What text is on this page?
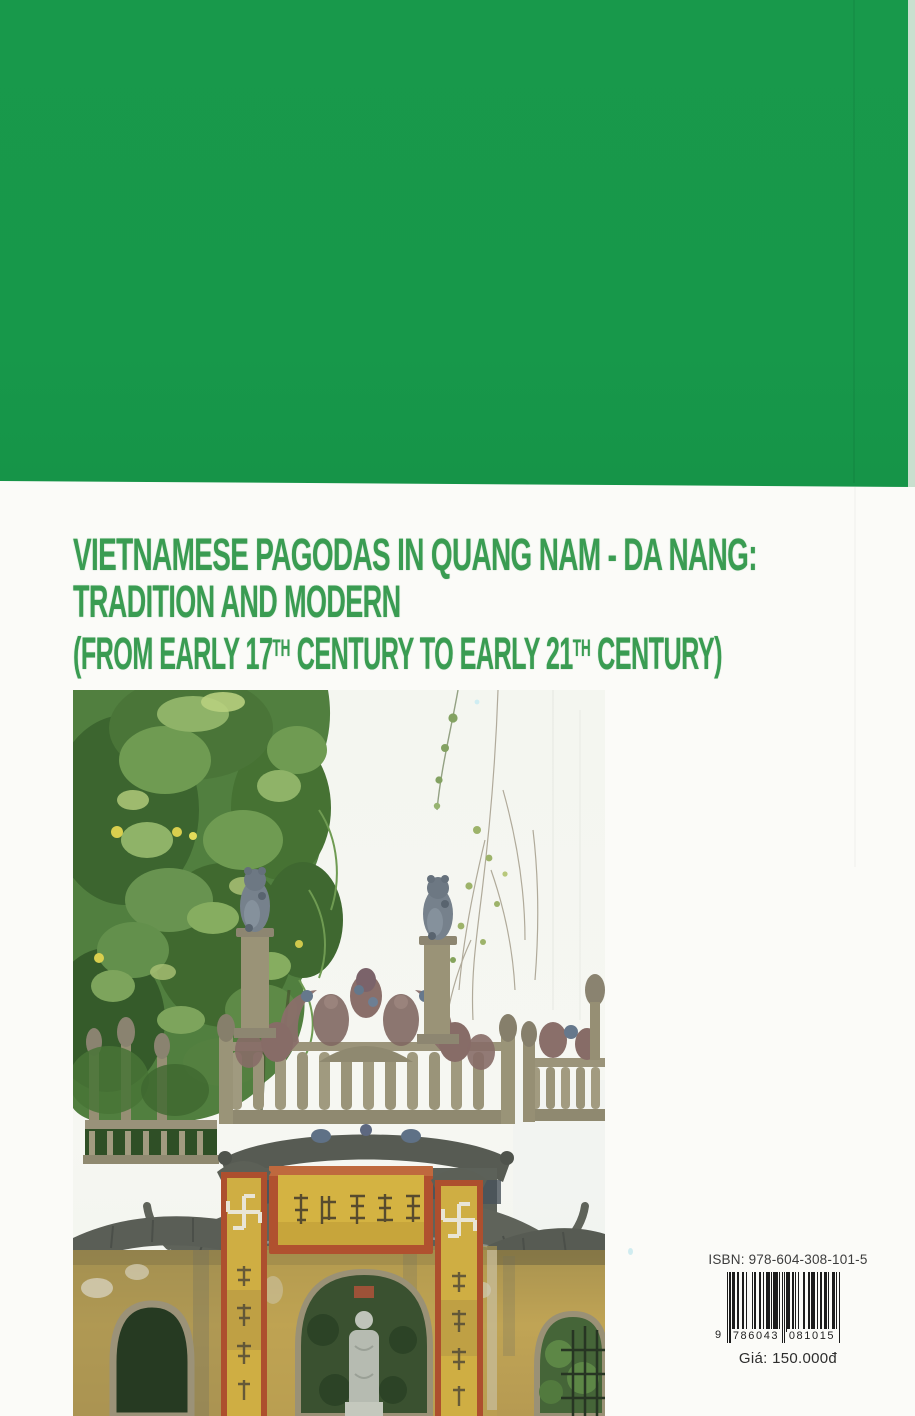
VIETNAMESE PAGODAS IN QUANG NAM - DA NANG:
TRADITION AND MODERN
(FROM EARLY 17TH CENTURY TO EARLY 21TH CENTURY)
ISBN: 978-604-308-101-5
9 786043 081015
Giá: 150.000đ
